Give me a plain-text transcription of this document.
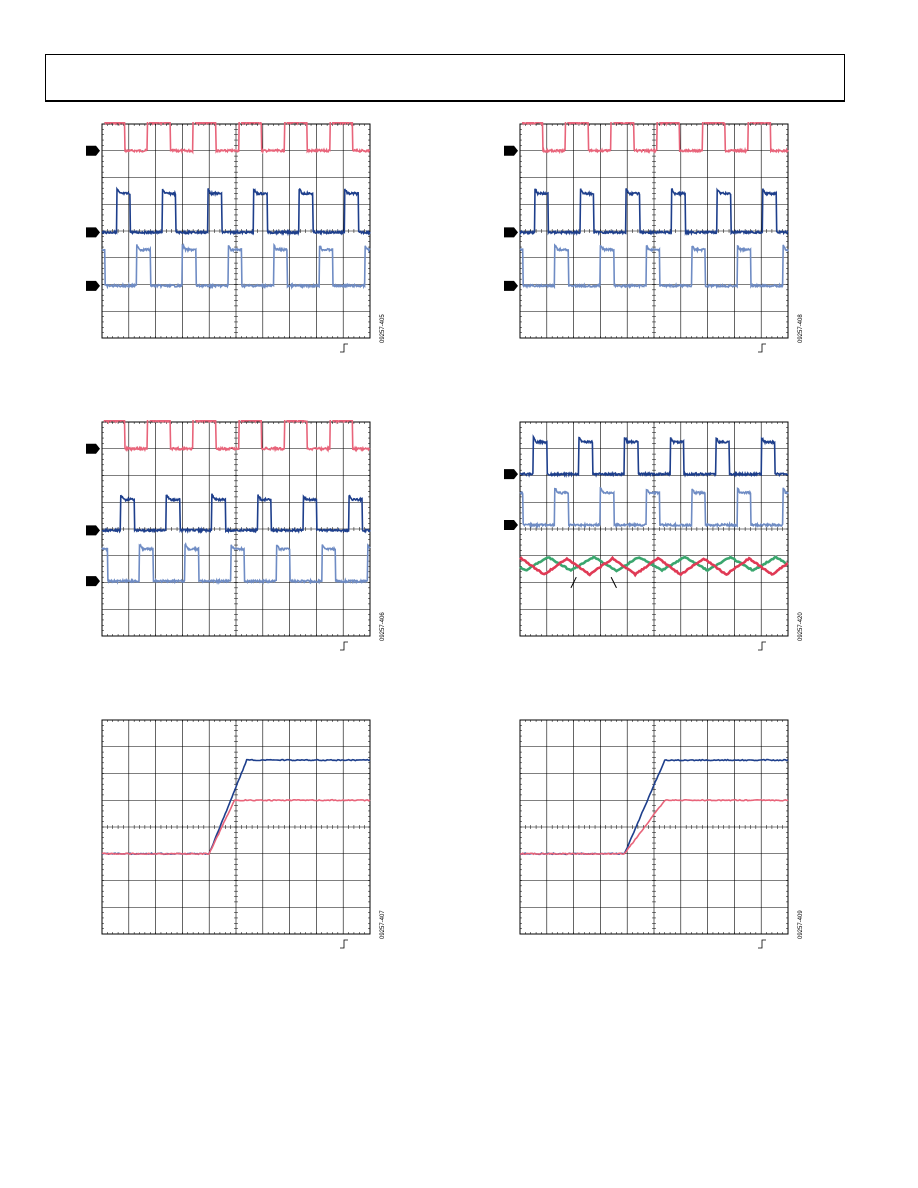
09257-405	09257-408
09257-406	09257-420
09257-407	09257-409
